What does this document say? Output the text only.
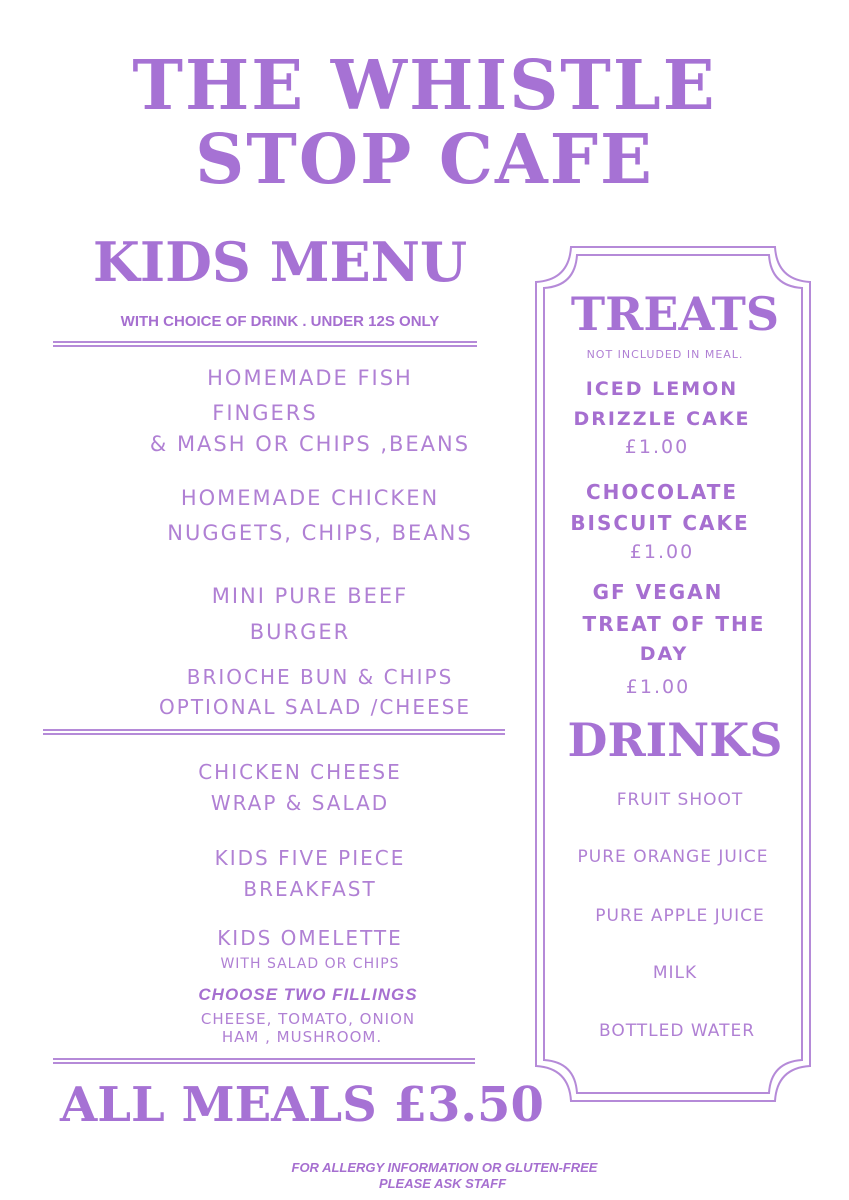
THE WHISTLE
STOP CAFE
KIDS MENU
WITH CHOICE OF DRINK . UNDER 12S ONLY
HOMEMADE FISH
FINGERS
& MASH OR CHIPS ,BEANS
HOMEMADE CHICKEN
NUGGETS, CHIPS, BEANS
MINI PURE BEEF
BURGER
BRIOCHE BUN & CHIPS
OPTIONAL SALAD /CHEESE
CHICKEN CHEESE
WRAP & SALAD
KIDS FIVE PIECE
BREAKFAST
KIDS OMELETTE
WITH SALAD OR CHIPS
CHOOSE TWO FILLINGS
CHEESE, TOMATO, ONION
HAM , MUSHROOM.
ALL MEALS £3.50
TREATS
NOT INCLUDED IN MEAL.
ICED LEMON
DRIZZLE CAKE
£1.00
CHOCOLATE
BISCUIT CAKE
£1.00
GF VEGAN
TREAT OF THE
DAY
£1.00
DRINKS
FRUIT SHOOT
PURE ORANGE JUICE
PURE APPLE JUICE
MILK
BOTTLED WATER
FOR ALLERGY INFORMATION OR GLUTEN-FREE
PLEASE ASK STAFF
